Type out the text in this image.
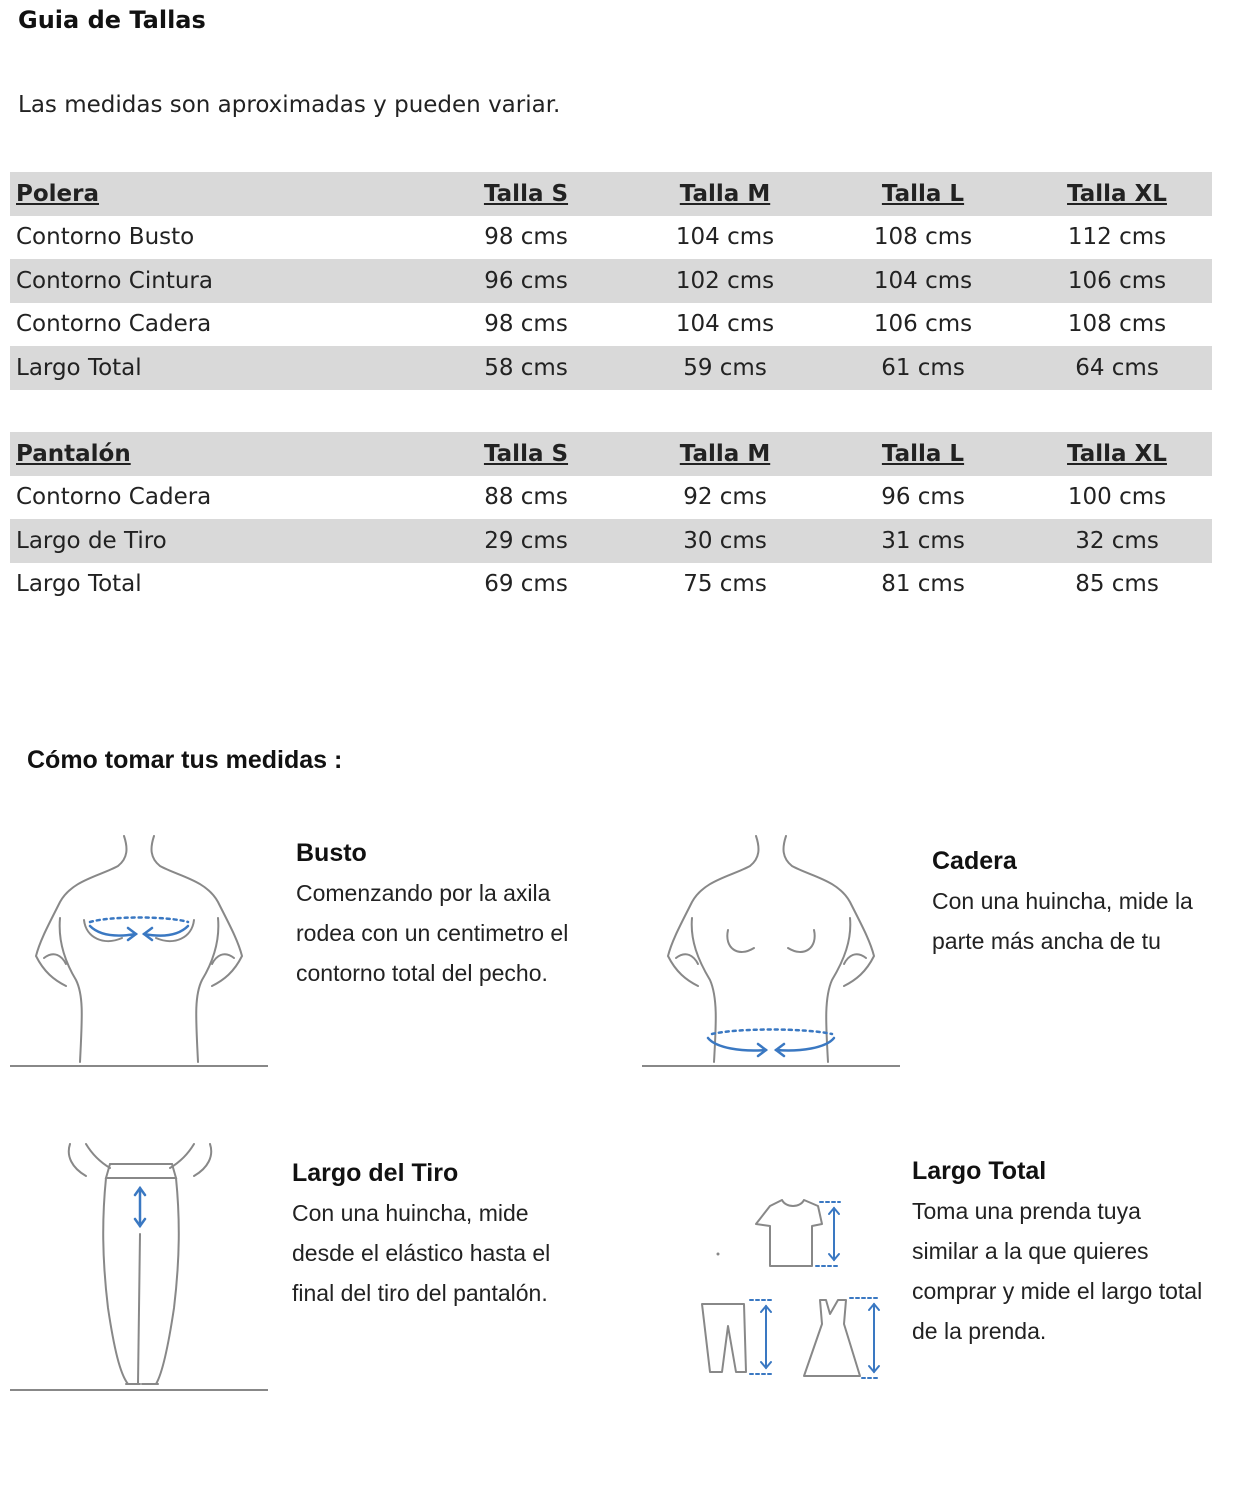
Guia de Tallas
Las medidas son aproximadas y pueden variar.
Polera	Talla S	Talla M	Talla L	Talla XL
Contorno Busto	98 cms	104 cms	108 cms	112 cms
Contorno Cintura	96 cms	102 cms	104 cms	106 cms
Contorno Cadera	98 cms	104 cms	106 cms	108 cms
Largo Total	58 cms	59 cms	61 cms	64 cms
Pantalón	Talla S	Talla M	Talla L	Talla XL
Contorno Cadera	88 cms	92 cms	96 cms	100 cms
Largo de Tiro	29 cms	30 cms	31 cms	32 cms
Largo Total	69 cms	75 cms	81 cms	85 cms
Cómo tomar tus medidas :
Busto

Comenzando por la axila

rodea con un centimetro el

contorno total del pecho.

Cadera

Con una huincha, mide la

parte más ancha de tu

Largo del Tiro

Con una huincha, mide

desde el elástico hasta el

final del tiro del pantalón.

Largo Total

Toma una prenda tuya

similar a la que quieres

comprar y mide el largo total

de la prenda.
